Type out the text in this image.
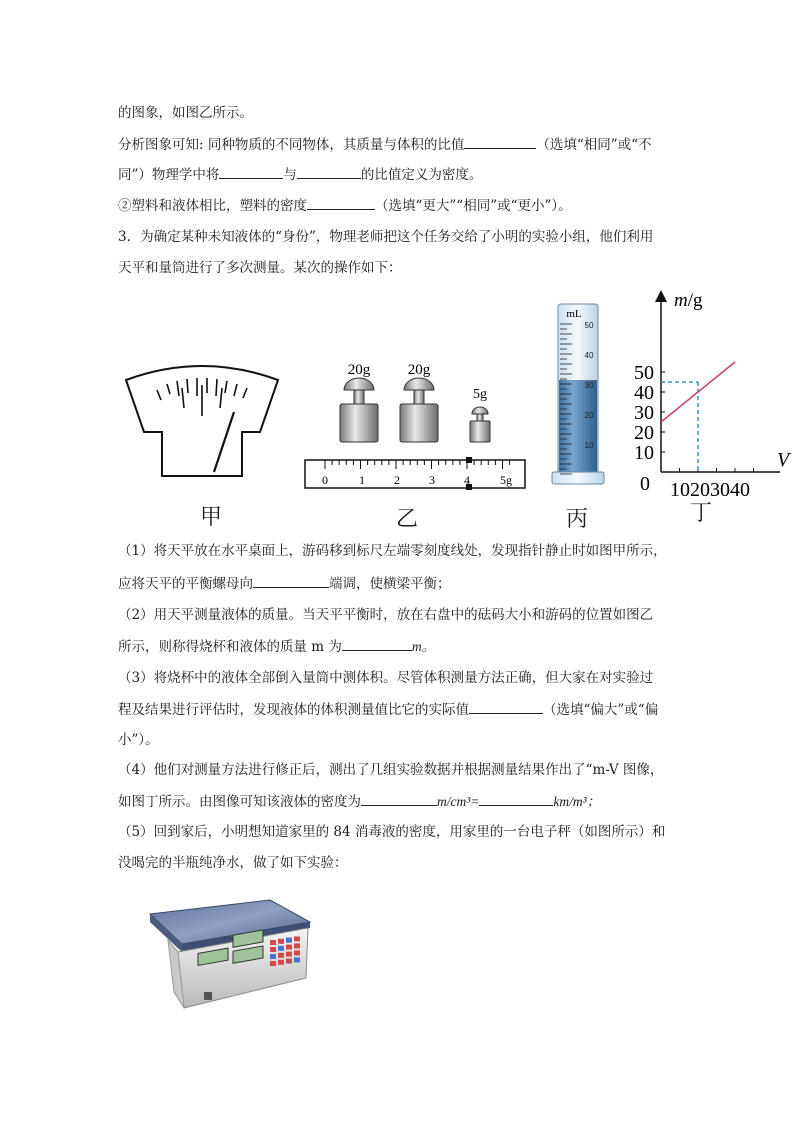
的图象，如图乙所示。
分析图象可知: 同种物质的不同物体，其质量与体积的比值	（选填“相同”或“不
同”）物理学中将	与	的比值定义为密度。
②塑料和液体相比，塑料的密度	（选填“更大”“相同”或“更小”）。
3．为确定某种未知液体的“身份”，物理老师把这个任务交给了小明的实验小组，他们利用
天平和量筒进行了多次测量。某次的操作如下：
20g	20g
5g
0	1 2 3 4	5g
mL
50
40
30
20
10
m/g
V
50
40
30
20
10
0 10203040
甲	乙	丙	丁
（1）将天平放在水平桌面上，游码移到标尺左端零刻度线处，发现指针静止时如图甲所示，
应将天平的平衡螺母向	端调，使横梁平衡；
（2）用天平测量液体的质量。当天平平衡时，放在右盘中的砝码大小和游码的位置如图乙
所示，则称得烧杯和液体的质量 m 为	m。
（3）将烧杯中的液体全部倒入量筒中测体积。尽管体积测量方法正确，但大家在对实验过
程及结果进行评估时，发现液体的体积测量值比它的实际值	（选填“偏大”或“偏
小”）。
（4）他们对测量方法进行修正后，测出了几组实验数据并根据测量结果作出了“m-V 图像，
如图丁所示。由图像可知该液体的密度为	m/cm³=	km/m³；
（5）回到家后，小明想知道家里的 84 消毒液的密度，用家里的一台电子秤（如图所示）和
没喝完的半瓶纯净水，做了如下实验：
